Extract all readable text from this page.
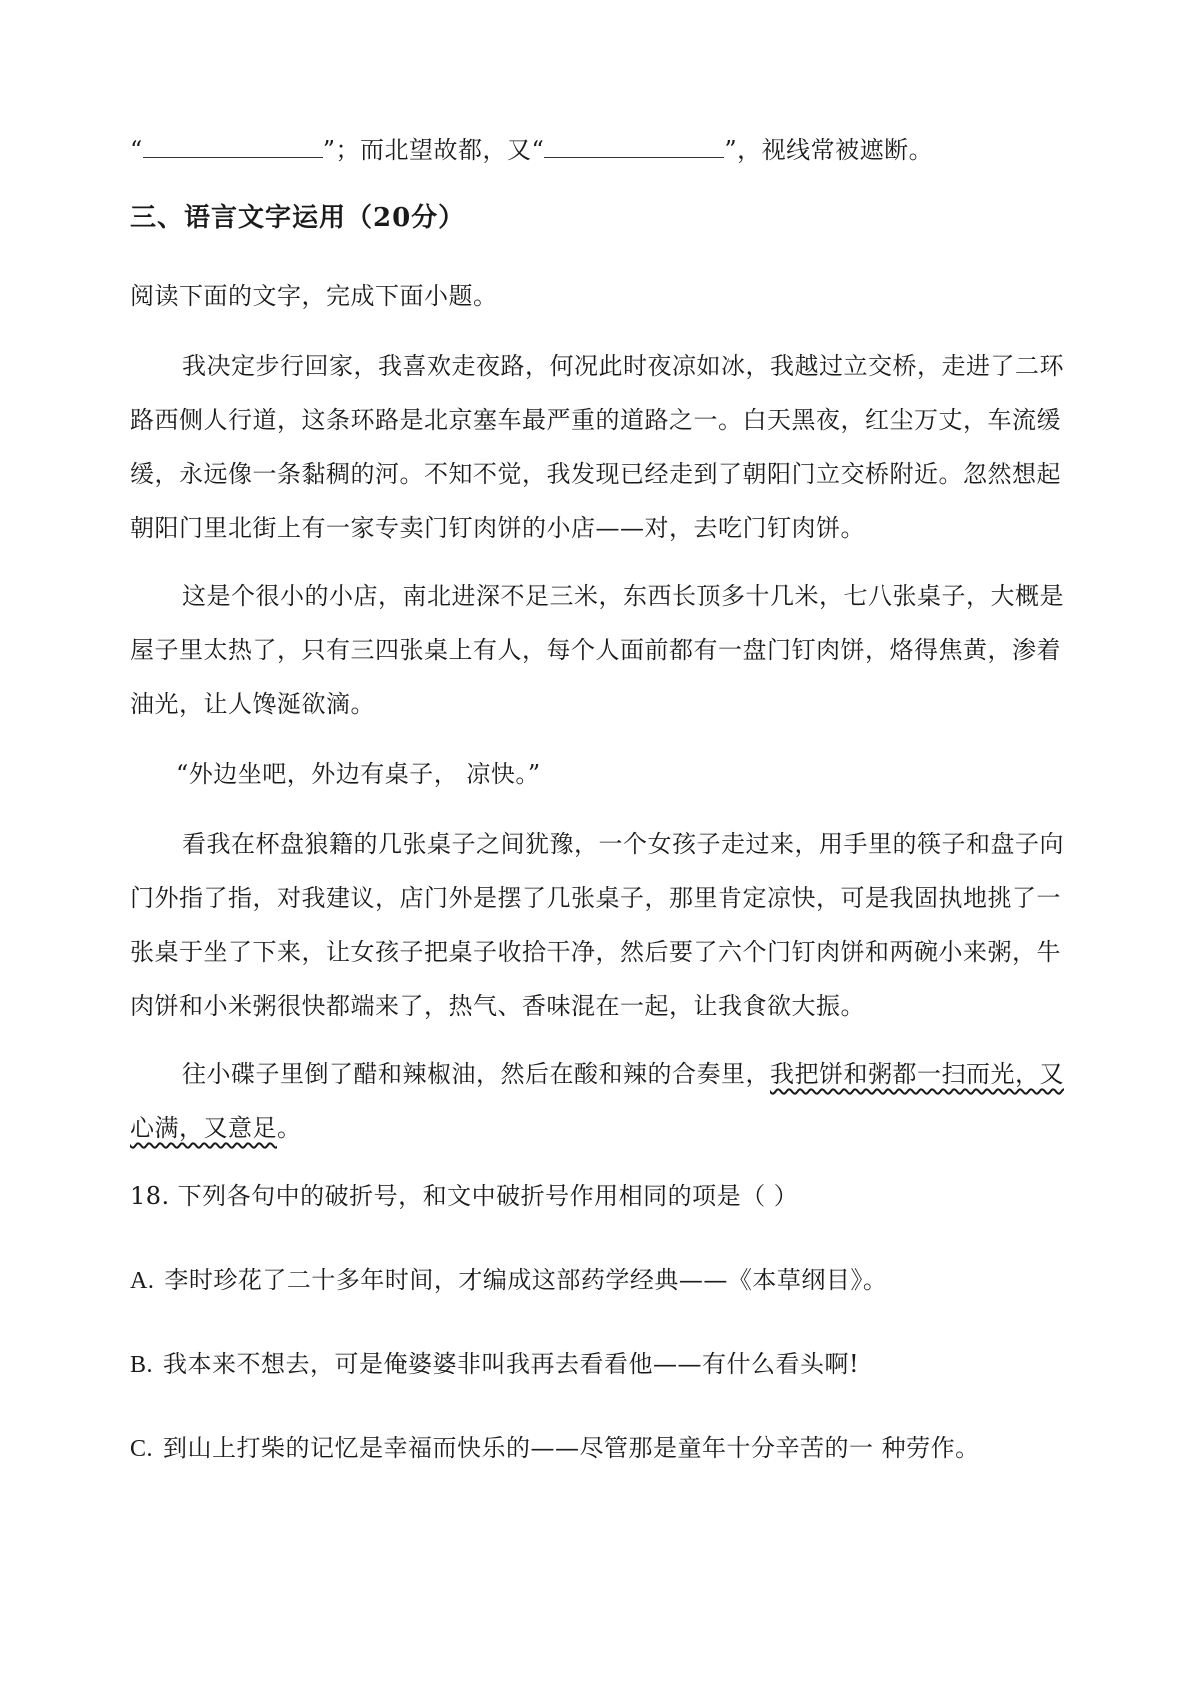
“	”；而北望故都，又“	”，视线常被遮断。
三、语言文字运用（20分）
阅读下面的文字，完成下面小题。
我决定步行回家，我喜欢走夜路，何况此时夜凉如冰，我越过立交桥，走进了二环
路西侧人行道，这条环路是北京塞车最严重的道路之一。白天黑夜，红尘万丈，车流缓
缓，永远像一条黏稠的河。不知不觉，我发现已经走到了朝阳门立交桥附近。忽然想起
朝阳门里北街上有一家专卖门钉肉饼的小店——对，去吃门钉肉饼。
这是个很小的小店，南北进深不足三米，东西长顶多十几米，七八张桌子，大概是
屋子里太热了，只有三四张桌上有人，每个人面前都有一盘门钉肉饼，烙得焦黄，渗着
油光，让人馋涎欲滴。
“外边坐吧，外边有桌子， 凉快。”
看我在杯盘狼籍的几张桌子之间犹豫，一个女孩子走过来，用手里的筷子和盘子向
门外指了指，对我建议，店门外是摆了几张桌子，那里肯定凉快，可是我固执地挑了一
张桌于坐了下来，让女孩子把桌子收拾干净，然后要了六个门钉肉饼和两碗小来粥，牛
肉饼和小米粥很快都端来了，热气、香味混在一起，让我食欲大振。
往小碟子里倒了醋和辣椒油，然后在酸和辣的合奏里，我把饼和粥都一扫而光，又
心满，又意足。
18. 下列各句中的破折号，和文中破折号作用相同的项是（ ）
A. 李时珍花了二十多年时间，才编成这部药学经典——《本草纲目》。
B. 我本来不想去，可是俺婆婆非叫我再去看看他——有什么看头啊!
C. 到山上打柴的记忆是幸福而快乐的——尽管那是童年十分辛苦的一 种劳作。
